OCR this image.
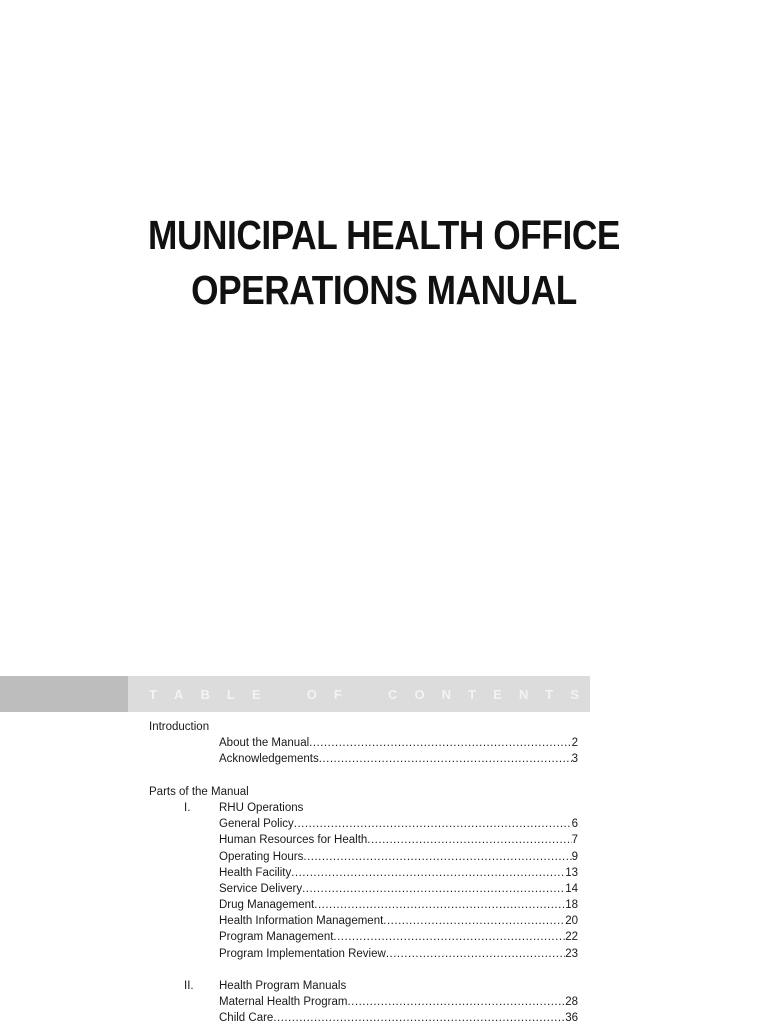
MUNICIPAL HEALTH OFFICE
OPERATIONS MANUAL
T A B L E	O F	C O N T E N T S
Introduction
About the Manual .....	2
Acknowledgements .....	3
Parts of the Manual
I. RHU Operations
General Policy .....	6
Human Resources for Health .....	7
Operating Hours .....	9
Health Facility .....	13
Service Delivery .....	14
Drug Management .....	18
Health Information Management .....	20
Program Management .....	22
Program Implementation Review .....	23
II. Health Program Manuals
Maternal Health Program .....	28
Child Care .....	36
